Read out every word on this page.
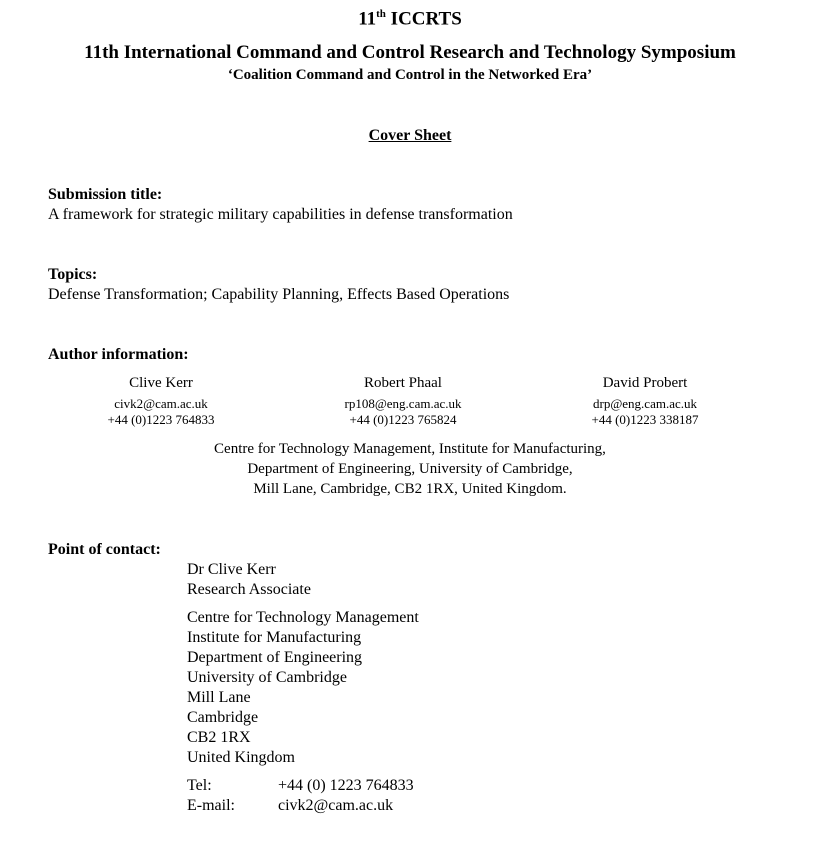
11th ICCRTS
11th International Command and Control Research and Technology Symposium
‘Coalition Command and Control in the Networked Era’
Cover Sheet
Submission title:
A framework for strategic military capabilities in defense transformation
Topics:
Defense Transformation; Capability Planning, Effects Based Operations
Author information:
Clive Kerr
civk2@cam.ac.uk
+44 (0)1223 764833
Robert Phaal
rp108@eng.cam.ac.uk
+44 (0)1223 765824
David Probert
drp@eng.cam.ac.uk
+44 (0)1223 338187
Centre for Technology Management, Institute for Manufacturing,
Department of Engineering, University of Cambridge,
Mill Lane, Cambridge, CB2 1RX, United Kingdom.
Point of contact:
Dr Clive Kerr
Research Associate
Centre for Technology Management
Institute for Manufacturing
Department of Engineering
University of Cambridge
Mill Lane
Cambridge
CB2 1RX
United Kingdom
Tel:	+44 (0) 1223 764833
E-mail:	civk2@cam.ac.uk
